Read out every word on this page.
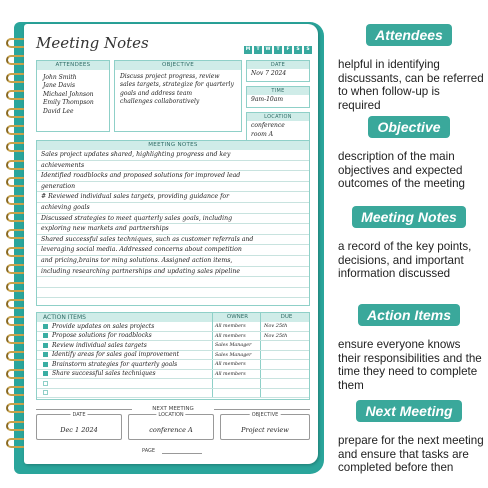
Meeting Notes	M	T	W	T	F	S	S
ATTENDEES
John Smith
Jane Davis
Michael Johnson
Emily Thompson
David Lee
OBJECTIVE
Discuss project progress, review
sales targets, strategize for quarterly
goals and address team
challenges collaboratively
DATE
Nov 7 2024
TIME
9am-10am
LOCATION
conference
room A
MEETING NOTES
Sales project updates shared, highlighting progress and key
achievements
Identified roadblocks and proposed solutions for improved lead
generation
# Reviewed individual sales targets, providing guidance for
achieving goals
Discussed strategies to meet quarterly sales goals, including
exploring new markets and partnerships
Shared successful sales techniques, such as customer referrals and
leveraging social media. Addressed concerns about competition
and pricing,brains tor ming solutions. Assigned action items,
including researching partnerships and updating sales pipeline
ACTION ITEMS	OWNER	DUE
Provide updates on sales projects	All members	Nov 25th
Propose solutions for roadblocks	All members	Nov 25th
Review individual sales targets	Sales Manager
Identify areas for sales goal improvement	Sales Manager
Brainstorm strategies for quarterly goals	All members
Share successful sales techniques	All members
NEXT MEETING
DATE
Dec 1 2024
LOCATION
conference A
OBJECTIVE
Project review
PAGE
Attendees
helpful in identifying discussants, can be referred to when follow-up is required
Objective
description of the main objectives and expected outcomes of the meeting
Meeting Notes
a record of the key points, decisions, and important information discussed
Action Items
ensure everyone knows their responsibilities and the time they need to complete them
Next Meeting
prepare for the next meeting and ensure that tasks are completed before then
